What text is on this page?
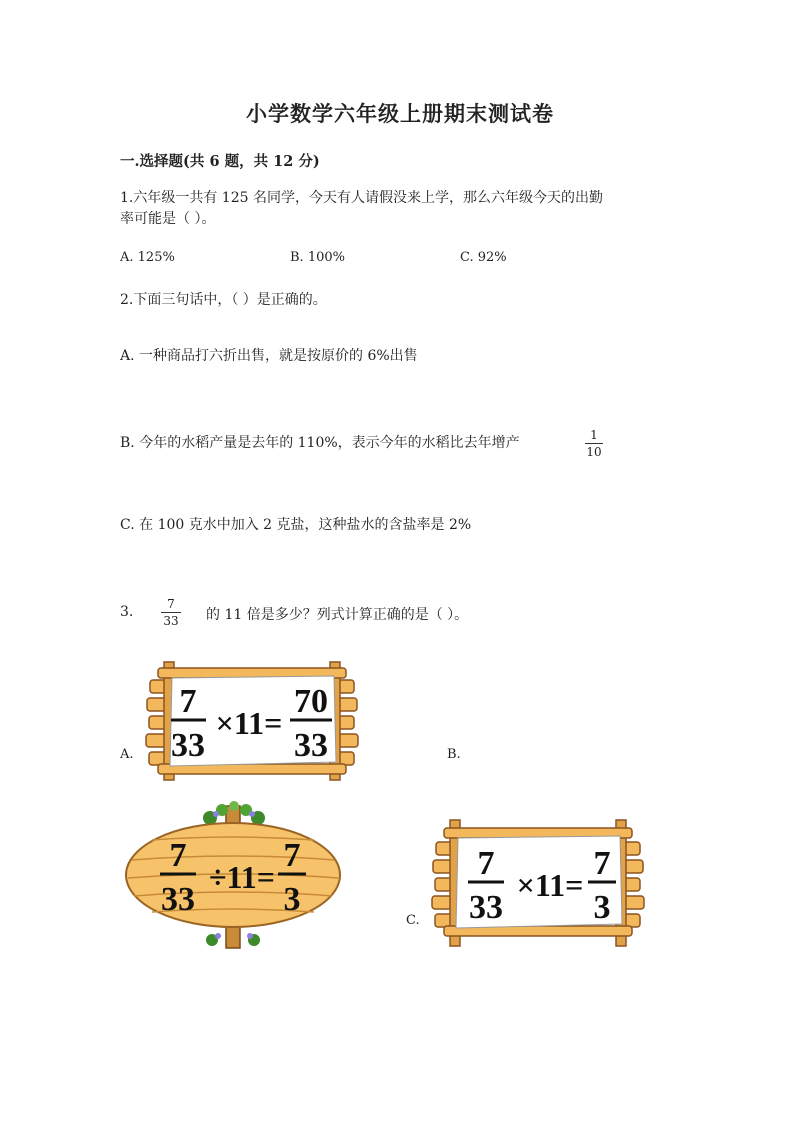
小学数学六年级上册期末测试卷
一.选择题(共 6 题，共 12 分)
1.六年级一共有 125 名同学，今天有人请假没来上学，那么六年级今天的出勤
率可能是（ ）。
A. 125%	B. 100%	C. 92%
2.下面三句话中，（ ）是正确的。
A. 一种商品打六折出售，就是按原价的 6%出售
B. 今年的水稻产量是去年的 110%，表示今年的水稻比去年增产	1
10
C. 在 100 克水中加入 2 克盐，这种盐水的含盐率是 2%
3.	7
33 的 11 倍是多少？列式计算正确的是（ ）。
A.	B.
C.
7
33
×11=
70
33
7
33
÷11=
7
3
7
33
×11=
7
3
